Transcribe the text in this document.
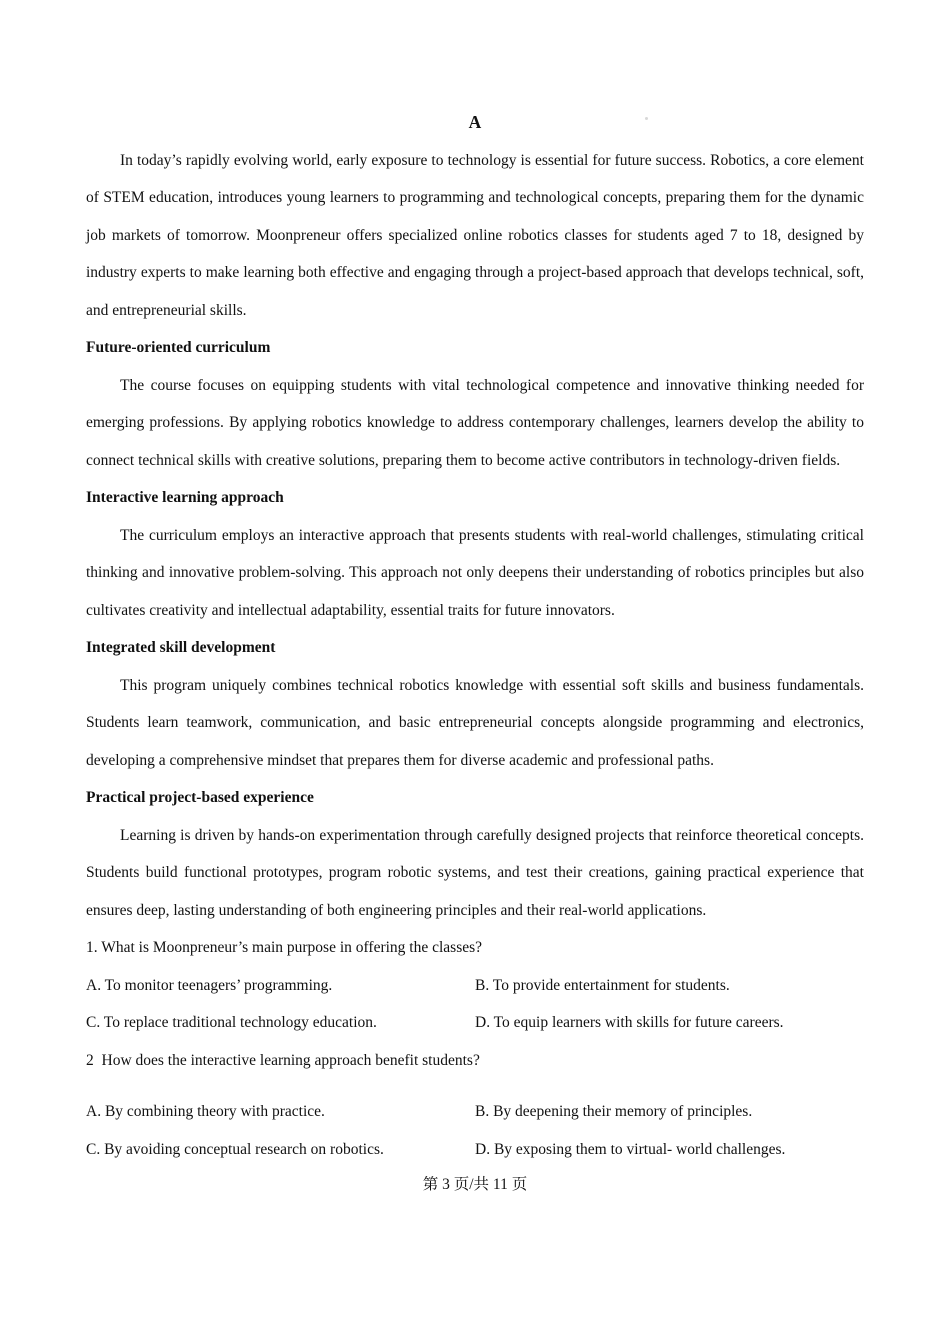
A

In today’s rapidly evolving world, early exposure to technology is essential for future success. Robotics, a core element of STEM education, introduces young learners to programming and technological concepts, preparing them for the dynamic job markets of tomorrow. Moonpreneur offers specialized online robotics classes for students aged 7 to 18, designed by industry experts to make learning both effective and engaging through a project-based approach that develops technical, soft, and entrepreneurial skills.

Future-oriented curriculum

The course focuses on equipping students with vital technological competence and innovative thinking needed for emerging professions. By applying robotics knowledge to address contemporary challenges, learners develop the ability to connect technical skills with creative solutions, preparing them to become active contributors in technology-driven fields.

Interactive learning approach

The curriculum employs an interactive approach that presents students with real-world challenges, stimulating critical thinking and innovative problem-solving. This approach not only deepens their understanding of robotics principles but also cultivates creativity and intellectual adaptability, essential traits for future innovators.

Integrated skill development

This program uniquely combines technical robotics knowledge with essential soft skills and business fundamentals. Students learn teamwork, communication, and basic entrepreneurial concepts alongside programming and electronics, developing a comprehensive mindset that prepares them for diverse academic and professional paths.

Practical project-based experience

Learning is driven by hands-on experimentation through carefully designed projects that reinforce theoretical concepts. Students build functional prototypes, program robotic systems, and test their creations, gaining practical experience that ensures deep, lasting understanding of both engineering principles and their real-world applications.

1. What is Moonpreneur’s main purpose in offering the classes?
A. To monitor teenagers’ programming.	B. To provide entertainment for students.
C. To replace traditional technology education.	D. To equip learners with skills for future careers.
2  How does the interactive learning approach benefit students?
A. By combining theory with practice.	B. By deepening their memory of principles.
C. By avoiding conceptual research on robotics.	D. By exposing them to virtual- world challenges.
第 3 页/共 11 页
